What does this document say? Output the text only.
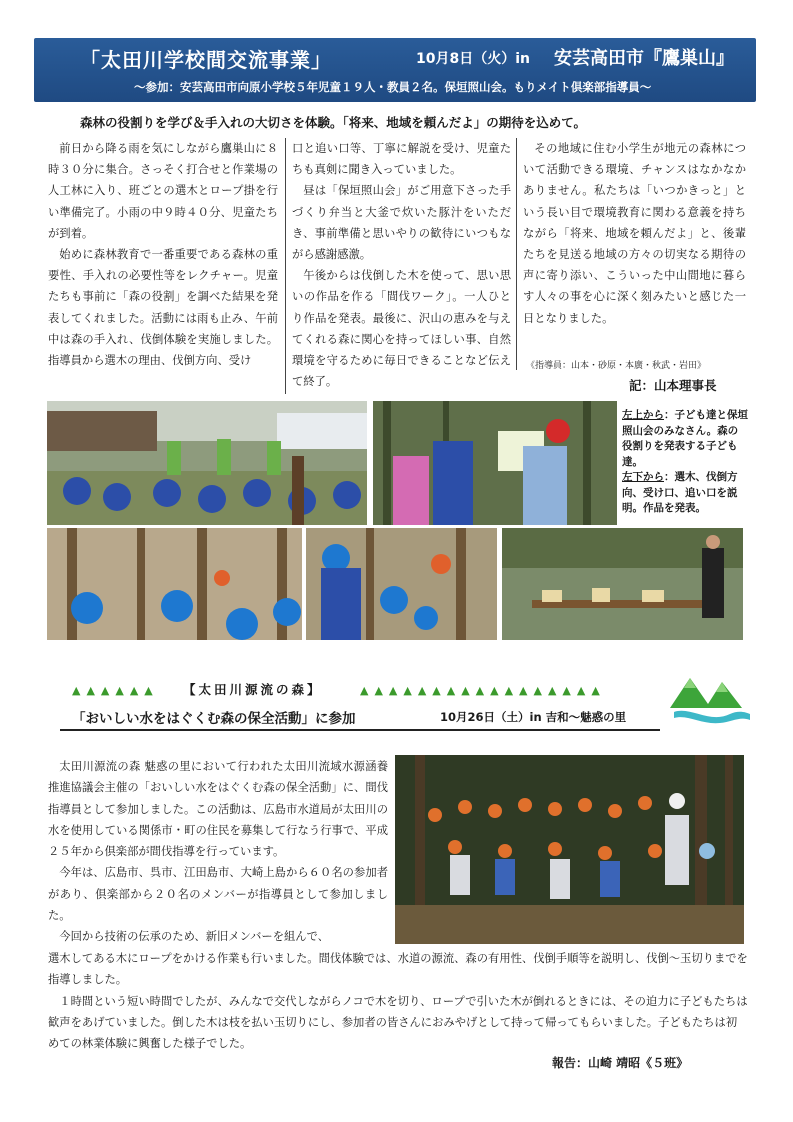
「太田川学校間交流事業」	10月8日（火）in 安芸高田市『鷹巣山』
～参加：安芸高田市向原小学校５年児童１９人・教員２名。保垣照山会。もりメイト倶楽部指導員～
森林の役割りを学び＆手入れの大切さを体験。「将来、地域を頼んだよ」の期待を込めて。

前日から降る雨を気にしながら鷹巣山に８時３０分に集合。さっそく打合せと作業場の人工林に入り、班ごとの選木とロープ掛を行い準備完了。小雨の中９時４０分、児童たちが到着。

始めに森林教育で一番重要である森林の重要性、手入れの必要性等をレクチャー。児童たちも事前に「森の役割」を調べた結果を発表してくれました。活動には雨も止み、午前中は森の手入れ、伐倒体験を実施しました。指導員から選木の理由、伐倒方向、受け

口と追い口等、丁寧に解説を受け、児童たちも真剣に聞き入っていました。

昼は「保垣照山会」がご用意下さった手づくり弁当と大釜で炊いた豚汁をいただき、事前準備と思いやりの歓待にいつもながら感謝感激。

午後からは伐倒した木を使って、思い思いの作品を作る「間伐ワーク」。一人ひとり作品を発表。最後に、沢山の恵みを与えてくれる森に関心を持ってほしい事、自然環境を守るために毎日できることなど伝えて終了。

その地域に住む小学生が地元の森林について活動できる環境、チャンスはなかなかありません。私たちは「いつかきっと」という長い目で環境教育に関わる意義を持ちながら「将来、地域を頼んだよ」と、後輩たちを見送る地域の方々の切実なる期待の声に寄り添い、こういった中山間地に暮らす人々の事を心に深く刻みたいと感じた一日となりました。

《指導員：山本・砂原・本廣・秋武・岩田》
記：山本理事長
左上から：子ども達と保垣照山会のみなさん。森の役割りを発表する子ども達。
左下から：選木、伐倒方向、受け口、追い口を説明。作品を発表。
▲▲▲▲▲▲ 【太田川源流の森】	▲▲▲▲▲▲▲▲▲▲▲▲▲▲▲▲▲
「おいしい水をはぐくむ森の保全活動」に参加	10月26日（土）in 吉和～魅惑の里

太田川源流の森 魅惑の里において行われた太田川流域水源涵養推進協議会主催の「おいしい水をはぐくむ森の保全活動」に、間伐指導員として参加しました。この活動は、広島市水道局が太田川の水を使用している関係市・町の住民を募集して行なう行事で、平成２５年から倶楽部が間伐指導を行っています。

今年は、広島市、呉市、江田島市、大崎上島から６０名の参加者があり、倶楽部から２０名のメンバーが指導員として参加しました。

今回から技術の伝承のため、新旧メンバーを組んで、

選木してある木にロープをかける作業も行いました。間伐体験では、水道の源流、森の有用性、伐倒手順等を説明し、伐倒～玉切りまでを指導しました。

１時間という短い時間でしたが、みんなで交代しながらノコで木を切り、ロープで引いた木が倒れるときには、その迫力に子どもたちは歓声をあげていました。倒した木は枝を払い玉切りにし、参加者の皆さんにおみやげとして持って帰ってもらいました。子どもたちは初めての林業体験に興奮した様子でした。

報告：山崎 靖昭《５班》
